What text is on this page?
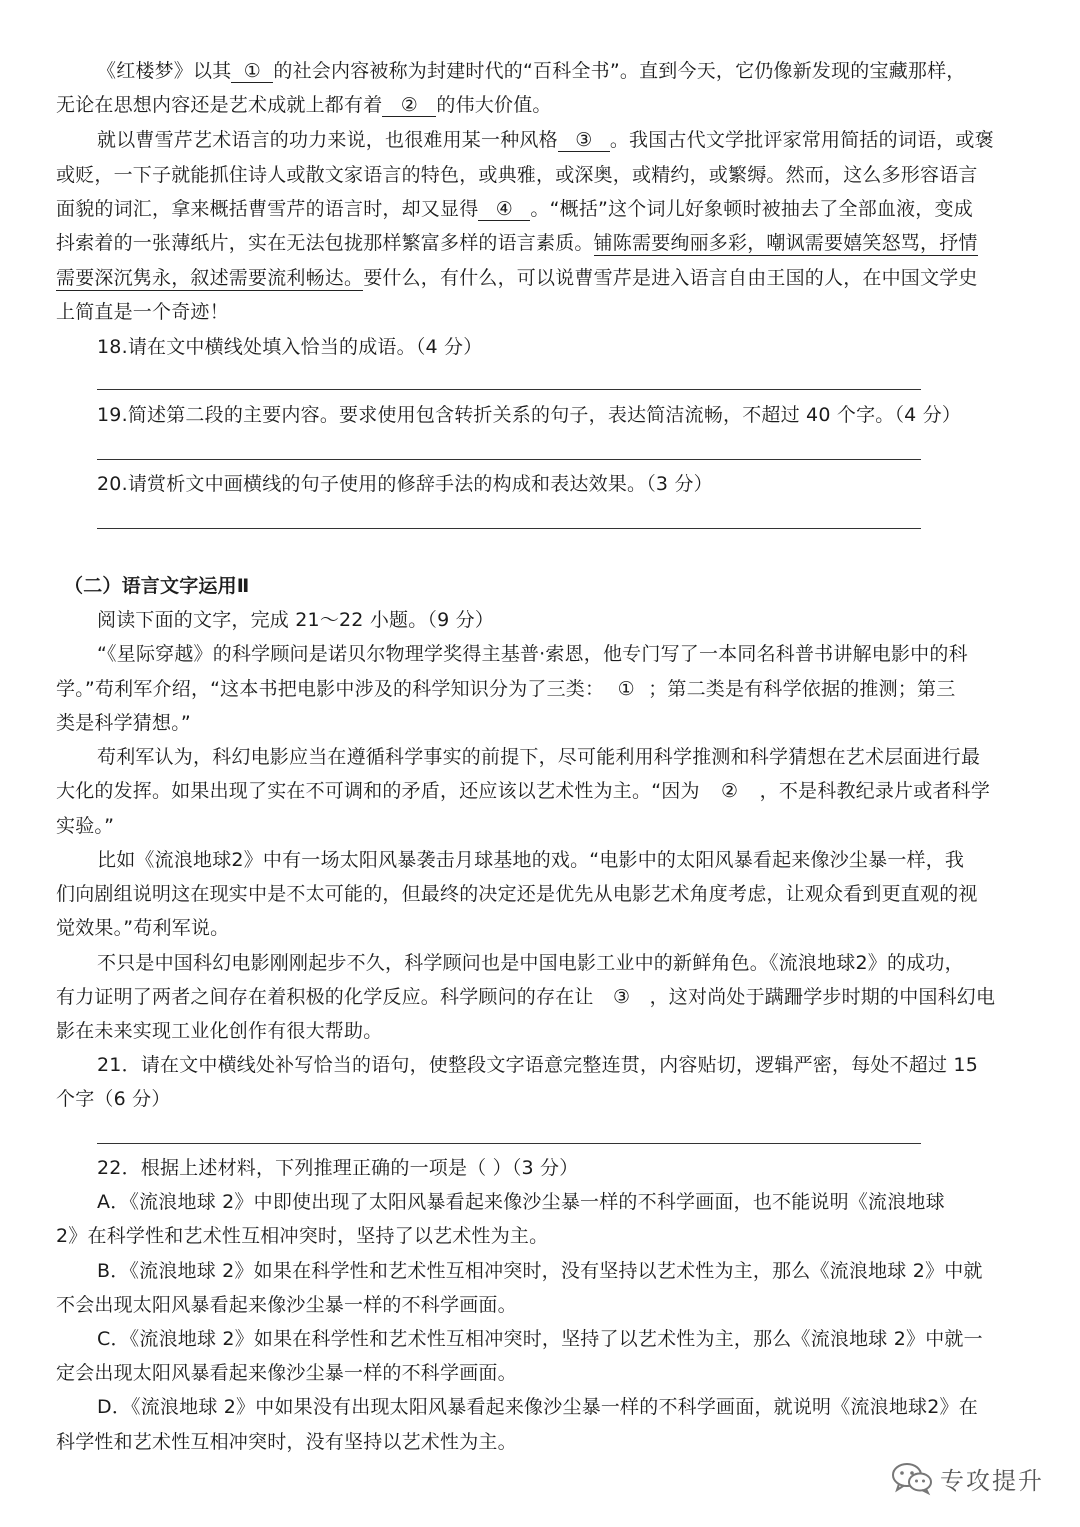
《红楼梦》以其 ① 的社会内容被称为封建时代的“百科全书”。直到今天，它仍像新发现的宝藏那样，
无论在思想内容还是艺术成就上都有着 ② 的伟大价值。
就以曹雪芹艺术语言的功力来说，也很难用某一种风格 ③ 。我国古代文学批评家常用简括的词语，或褒
或贬，一下子就能抓住诗人或散文家语言的特色，或典雅，或深奥，或精约，或繁缛。然而，这么多形容语言
面貌的词汇，拿来概括曹雪芹的语言时，却又显得 ④ 。“概括”这个词儿好象顿时被抽去了全部血液，变成
抖索着的一张薄纸片，实在无法包拢那样繁富多样的语言素质。铺陈需要绚丽多彩，嘲讽需要嬉笑怒骂，抒情
需要深沉隽永，叙述需要流利畅达。要什么，有什么，可以说曹雪芹是进入语言自由王国的人，在中国文学史
上简直是一个奇迹！
18.请在文中横线处填入恰当的成语。（4 分）
19.简述第二段的主要内容。要求使用包含转折关系的句子，表达简洁流畅，不超过 40 个字。（4 分）
20.请赏析文中画横线的句子使用的修辞手法的构成和表达效果。（3 分）
（二）语言文字运用Ⅱ
阅读下面的文字，完成 21～22 小题。（9 分）
“《星际穿越》的科学顾问是诺贝尔物理学奖得主基普·索恩，他专门写了一本同名科普书讲解电影中的科
学。”苟利军介绍，“这本书把电影中涉及的科学知识分为了三类： ① ；第二类是有科学依据的推测；第三
类是科学猜想。”
苟利军认为，科幻电影应当在遵循科学事实的前提下，尽可能利用科学推测和科学猜想在艺术层面进行最
大化的发挥。如果出现了实在不可调和的矛盾，还应该以艺术性为主。“因为 ② ，不是科教纪录片或者科学
实验。”
比如《流浪地球2》中有一场太阳风暴袭击月球基地的戏。“电影中的太阳风暴看起来像沙尘暴一样，我
们向剧组说明这在现实中是不太可能的，但最终的决定还是优先从电影艺术角度考虑，让观众看到更直观的视
觉效果。”苟利军说。
不只是中国科幻电影刚刚起步不久，科学顾问也是中国电影工业中的新鲜角色。《流浪地球2》的成功，
有力证明了两者之间存在着积极的化学反应。科学顾问的存在让 ③ ，这对尚处于蹒跚学步时期的中国科幻电
影在未来实现工业化创作有很大帮助。
21．请在文中横线处补写恰当的语句，使整段文字语意完整连贯，内容贴切，逻辑严密，每处不超过 15
个字（6 分）
22．根据上述材料，下列推理正确的一项是（ ）（3 分）
A．《流浪地球 2》中即使出现了太阳风暴看起来像沙尘暴一样的不科学画面，也不能说明《流浪地球
2》在科学性和艺术性互相冲突时，坚持了以艺术性为主。
B．《流浪地球 2》如果在科学性和艺术性互相冲突时，没有坚持以艺术性为主，那么《流浪地球 2》中就
不会出现太阳风暴看起来像沙尘暴一样的不科学画面。
C．《流浪地球 2》如果在科学性和艺术性互相冲突时，坚持了以艺术性为主，那么《流浪地球 2》中就一
定会出现太阳风暴看起来像沙尘暴一样的不科学画面。
D．《流浪地球 2》中如果没有出现太阳风暴看起来像沙尘暴一样的不科学画面，就说明《流浪地球2》在
科学性和艺术性互相冲突时，没有坚持以艺术性为主。
专攻提升
